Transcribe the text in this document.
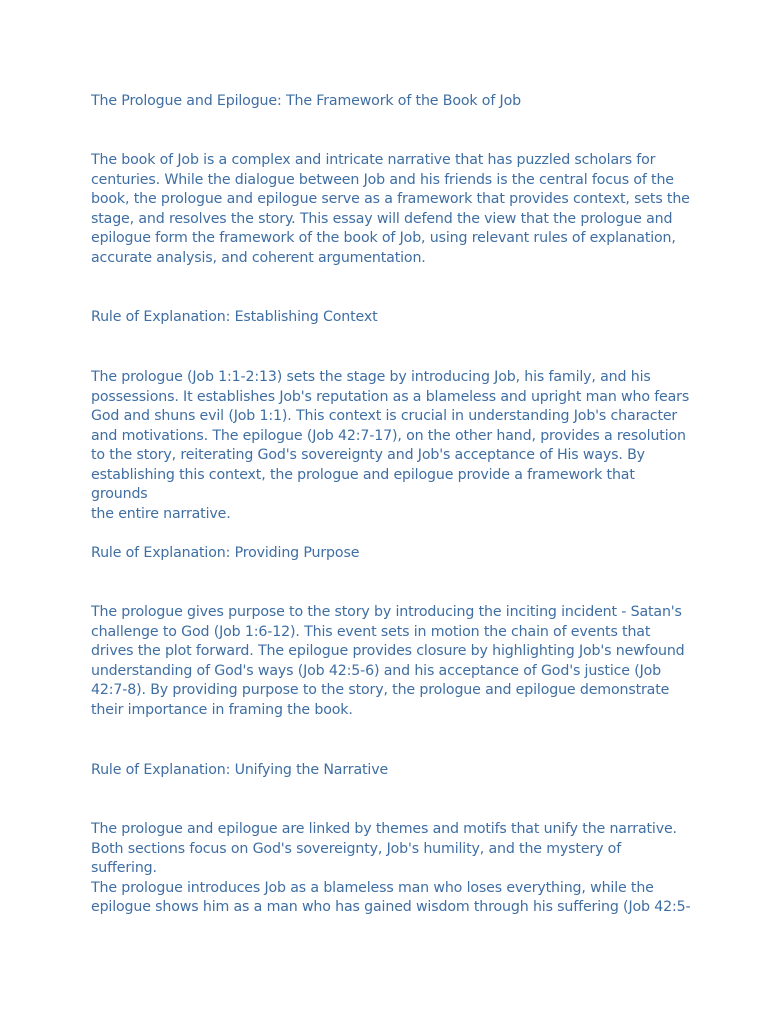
The Prologue and Epilogue: The Framework of the Book of Job

The book of Job is a complex and intricate narrative that has puzzled scholars for
centuries. While the dialogue between Job and his friends is the central focus of the
book, the prologue and epilogue serve as a framework that provides context, sets the
stage, and resolves the story. This essay will defend the view that the prologue and
epilogue form the framework of the book of Job, using relevant rules of explanation,
accurate analysis, and coherent argumentation.

Rule of Explanation: Establishing Context

The prologue (Job 1:1-2:13) sets the stage by introducing Job, his family, and his
possessions. It establishes Job's reputation as a blameless and upright man who fears
God and shuns evil (Job 1:1). This context is crucial in understanding Job's character
and motivations. The epilogue (Job 42:7-17), on the other hand, provides a resolution
to the story, reiterating God's sovereignty and Job's acceptance of His ways. By
establishing this context, the prologue and epilogue provide a framework that grounds
the entire narrative.

Rule of Explanation: Providing Purpose

The prologue gives purpose to the story by introducing the inciting incident - Satan's
challenge to God (Job 1:6-12). This event sets in motion the chain of events that
drives the plot forward. The epilogue provides closure by highlighting Job's newfound
understanding of God's ways (Job 42:5-6) and his acceptance of God's justice (Job
42:7-8). By providing purpose to the story, the prologue and epilogue demonstrate
their importance in framing the book.

Rule of Explanation: Unifying the Narrative

The prologue and epilogue are linked by themes and motifs that unify the narrative.
Both sections focus on God's sovereignty, Job's humility, and the mystery of suffering.
The prologue introduces Job as a blameless man who loses everything, while the
epilogue shows him as a man who has gained wisdom through his suffering (Job 42:5-
